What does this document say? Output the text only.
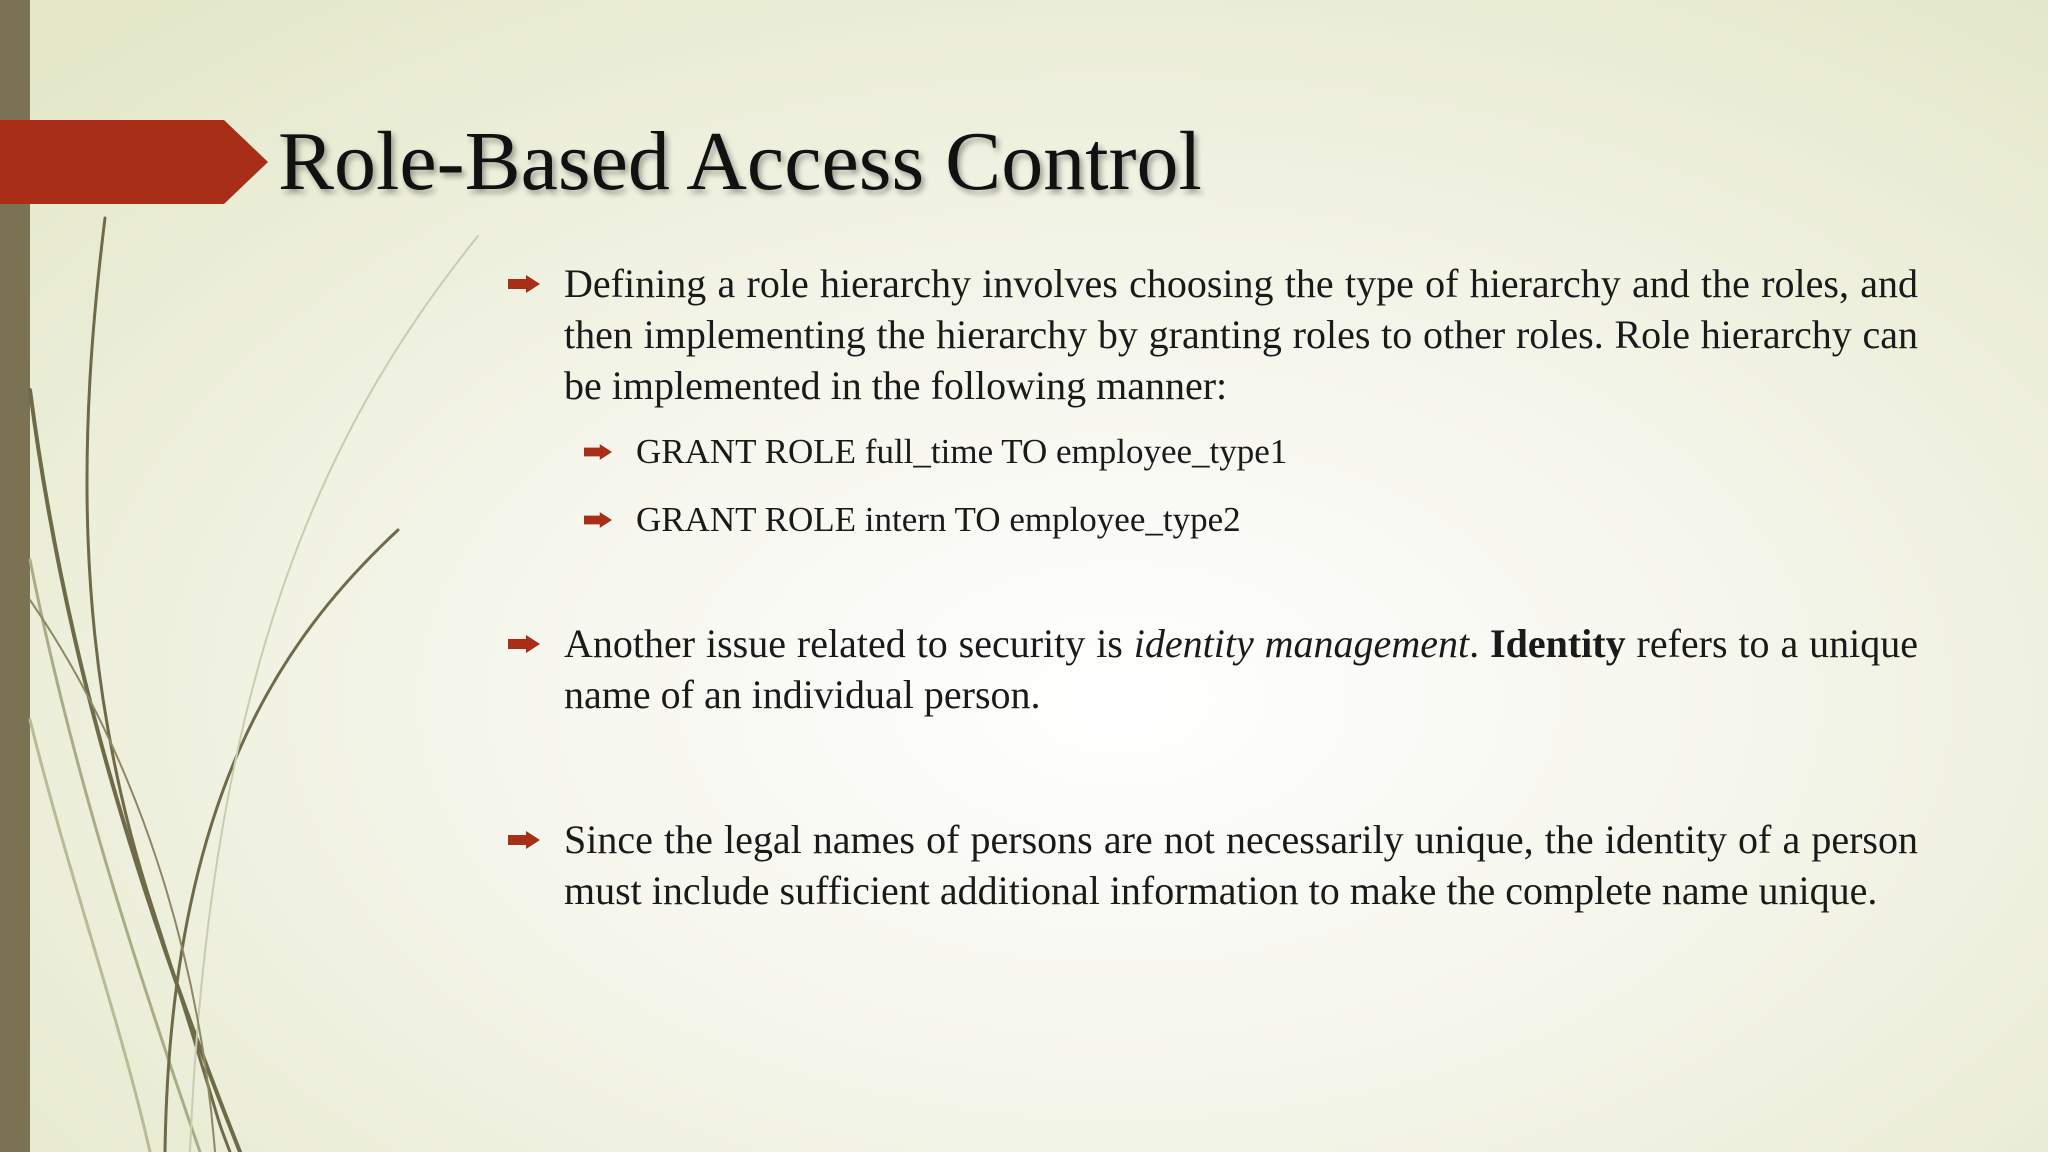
Role-Based Access Control
Defining a role hierarchy involves choosing the type of hierarchy and the roles, and then implementing the hierarchy by granting roles to other roles. Role hierarchy can be implemented in the following manner:
GRANT ROLE full_time TO employee_type1
GRANT ROLE intern TO employee_type2
Another issue related to security is identity management. Identity refers to a unique name of an individual person.
Since the legal names of persons are not necessarily unique, the identity of a person must include sufficient additional information to make the complete name unique.
